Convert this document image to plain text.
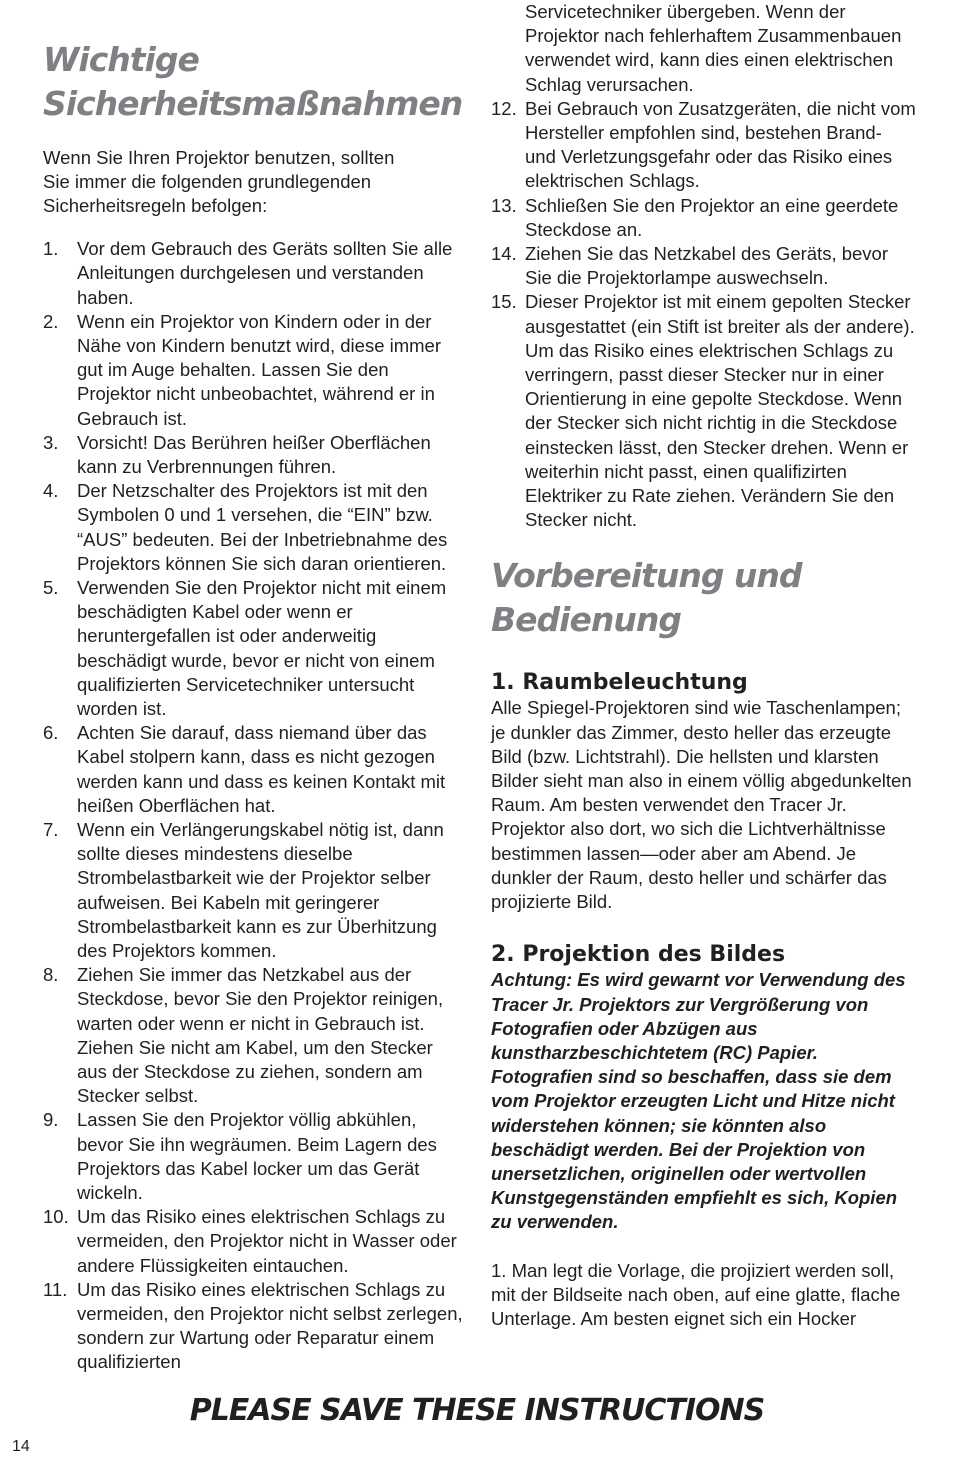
Wichtige
Sicherheitsmaßnahmen

Wenn Sie Ihren Projektor benutzen, sollten Sie immer die folgenden grundlegenden Sicherheitsregeln befolgen:

1. Vor dem Gebrauch des Geräts sollten Sie alle Anleitungen durchgelesen und verstanden haben.
2. Wenn ein Projektor von Kindern oder in der Nähe von Kindern benutzt wird, diese immer gut im Auge behalten. Lassen Sie den Projektor nicht unbeobachtet, während er in Gebrauch ist.
3. Vorsicht! Das Berühren heißer Oberflächen kann zu Verbrennungen führen.
4. Der Netzschalter des Projektors ist mit den Symbolen 0 und 1 versehen, die “EIN” bzw. “AUS” bedeuten. Bei der Inbetriebnahme des Projektors können Sie sich daran orientieren.
5. Verwenden Sie den Projektor nicht mit einem beschädigten Kabel oder wenn er heruntergefallen ist oder anderweitig beschädigt wurde, bevor er nicht von einem qualifizierten Servicetechniker untersucht worden ist.
6. Achten Sie darauf, dass niemand über das Kabel stolpern kann, dass es nicht gezogen werden kann und dass es keinen Kontakt mit heißen Oberflächen hat.
7. Wenn ein Verlängerungskabel nötig ist, dann sollte dieses mindestens dieselbe Strombelastbarkeit wie der Projektor selber aufweisen. Bei Kabeln mit geringerer Strombelastbarkeit kann es zur Überhitzung des Projektors kommen.
8. Ziehen Sie immer das Netzkabel aus der Steckdose, bevor Sie den Projektor reinigen, warten oder wenn er nicht in Gebrauch ist. Ziehen Sie nicht am Kabel, um den Stecker aus der Steckdose zu ziehen, sondern am Stecker selbst.
9. Lassen Sie den Projektor völlig abkühlen, bevor Sie ihn wegräumen. Beim Lagern des Projektors das Kabel locker um das Gerät wickeln.
10. Um das Risiko eines elektrischen Schlags zu vermeiden, den Projektor nicht in Wasser oder andere Flüssigkeiten eintauchen.
11. Um das Risiko eines elektrischen Schlags zu vermeiden, den Projektor nicht selbst zerlegen, sondern zur Wartung oder Reparatur einem qualifizierten
Servicetechniker übergeben. Wenn der Projektor nach fehlerhaftem Zusammenbauen verwendet wird, kann dies einen elektrischen Schlag verursachen.
12. Bei Gebrauch von Zusatzgeräten, die nicht vom Hersteller empfohlen sind, bestehen Brand- und Verletzungsgefahr oder das Risiko eines elektrischen Schlags.
13. Schließen Sie den Projektor an eine geerdete Steckdose an.
14. Ziehen Sie das Netzkabel des Geräts, bevor Sie die Projektorlampe auswechseln.
15. Dieser Projektor ist mit einem gepolten Stecker ausgestattet (ein Stift ist breiter als der andere). Um das Risiko eines elektrischen Schlags zu verringern, passt dieser Stecker nur in einer Orientierung in eine gepolte Steckdose. Wenn der Stecker sich nicht richtig in die Steckdose einstecken lässt, den Stecker drehen. Wenn er weiterhin nicht passt, einen qualifizirten Elektriker zu Rate ziehen. Verändern Sie den Stecker nicht.
Vorbereitung und
Bedienung
1. Raumbeleuchtung

Alle Spiegel-Projektoren sind wie Taschenlampen; je dunkler das Zimmer, desto heller das erzeugte Bild (bzw. Lichtstrahl). Die hellsten und klarsten Bilder sieht man also in einem völlig abgedunkelten Raum. Am besten verwendet den Tracer Jr. Projektor also dort, wo sich die Lichtverhältnisse bestimmen lassen—oder aber am Abend. Je dunkler der Raum, desto heller und schärfer das projizierte Bild.

2. Projektion des Bildes

Achtung: Es wird gewarnt vor Verwendung des Tracer Jr. Projektors zur Vergrößerung von Fotografien oder Abzügen aus kunstharzbeschichtetem (RC) Papier. Fotografien sind so beschaffen, dass sie dem vom Projektor erzeugten Licht und Hitze nicht widerstehen können; sie könnten also beschädigt werden. Bei der Projektion von unersetzlichen, originellen oder wertvollen Kunstgegenständen empfiehlt es sich, Kopien zu verwenden.

1. Man legt die Vorlage, die projiziert werden soll, mit der Bildseite nach oben, auf eine glatte, flache Unterlage. Am besten eignet sich ein Hocker

PLEASE SAVE THESE INSTRUCTIONS

14
